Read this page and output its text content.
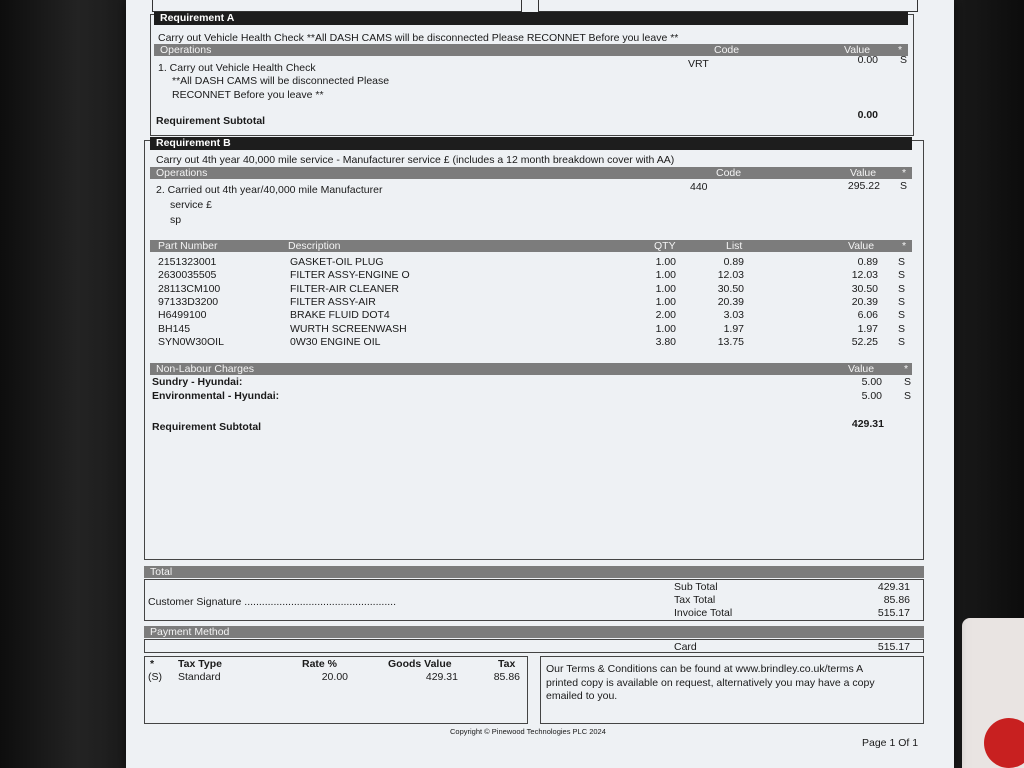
Requirement A
Carry out Vehicle Health Check **All DASH CAMS will be disconnected Please RECONNET Before you leave **
Operations	Code	Value	*
1. Carry out Vehicle Health Check
**All DASH CAMS will be disconnected Please
RECONNET Before you leave **
VRT	0.00 S
Requirement Subtotal	0.00
Requirement B
Carry out 4th year 40,000 mile service - Manufacturer service £ (includes a 12 month breakdown cover with AA)
Operations	Code	Value *
2. Carried out 4th year/40,000 mile Manufacturer
service £
sp
440	295.22 S
Part Number	Description	QTY	List	Value	*
2151323001	GASKET-OIL PLUG	1.00	0.89	0.89 S
2630035505	FILTER ASSY-ENGINE O	1.00	12.03	12.03 S
28113CM100	FILTER-AIR CLEANER	1.00	30.50	30.50 S
97133D3200	FILTER ASSY-AIR	1.00	20.39	20.39 S
H6499100	BRAKE FLUID DOT4	2.00	3.03	6.06 S
BH145	WURTH SCREENWASH	1.00	1.97	1.97 S
SYN0W30OIL	0W30 ENGINE OIL	3.80	13.75	52.25 S
Non-Labour Charges	Value	*
Sundry - Hyundai:	5.00 S
Environmental - Hyundai:	5.00 S
Requirement Subtotal	429.31
Total
Customer Signature ....................................................
Sub Total	429.31
Tax Total	85.86
Invoice Total	515.17
Payment Method
Card	515.17
* Tax Type	Rate %	Goods Value	Tax
(S) Standard	20.00	429.31	85.86
Our Terms & Conditions can be found at www.brindley.co.uk/terms A
printed copy is available on request, alternatively you may have a copy
emailed to you.
Copyright © Pinewood Technologies PLC 2024
Page 1 Of 1
